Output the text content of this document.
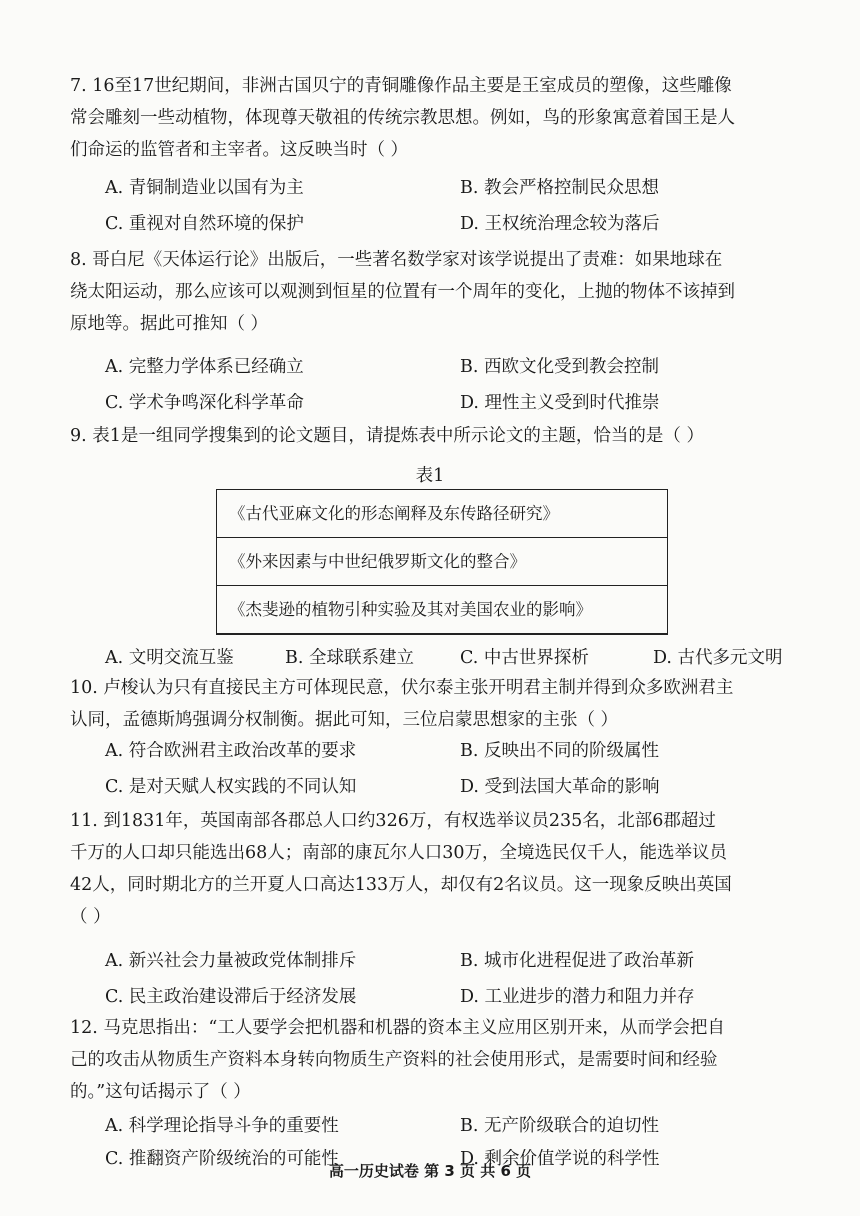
7. 16至17世纪期间，非洲古国贝宁的青铜雕像作品主要是王室成员的塑像，这些雕像

常会雕刻一些动植物，体现尊天敬祖的传统宗教思想。例如，鸟的形象寓意着国王是人

们命运的监管者和主宰者。这反映当时（ ）

A. 青铜制造业以国有为主	B. 教会严格控制民众思想
C. 重视对自然环境的保护	D. 王权统治理念较为落后

8. 哥白尼《天体运行论》出版后，一些著名数学家对该学说提出了责难：如果地球在

绕太阳运动，那么应该可以观测到恒星的位置有一个周年的变化，上抛的物体不该掉到

原地等。据此可推知（ ）

A. 完整力学体系已经确立	B. 西欧文化受到教会控制
C. 学术争鸣深化科学革命	D. 理性主义受到时代推崇

9. 表1是一组同学搜集到的论文题目，请提炼表中所示论文的主题，恰当的是（ ）

表1
《古代亚麻文化的形态阐释及东传路径研究》
《外来因素与中世纪俄罗斯文化的整合》
《杰斐逊的植物引种实验及其对美国农业的影响》
A. 文明交流互鉴	B. 全球联系建立	C. 中古世界探析	D. 古代多元文明

10. 卢梭认为只有直接民主方可体现民意，伏尔泰主张开明君主制并得到众多欧洲君主

认同，孟德斯鸠强调分权制衡。据此可知，三位启蒙思想家的主张（ ）

A. 符合欧洲君主政治改革的要求	B. 反映出不同的阶级属性
C. 是对天赋人权实践的不同认知	D. 受到法国大革命的影响

11. 到1831年，英国南部各郡总人口约326万，有权选举议员235名，北部6郡超过

千万的人口却只能选出68人；南部的康瓦尔人口30万，全境选民仅千人，能选举议员

42人，同时期北方的兰开夏人口高达133万人，却仅有2名议员。这一现象反映出英国

（ ）

A. 新兴社会力量被政党体制排斥	B. 城市化进程促进了政治革新
C. 民主政治建设滞后于经济发展	D. 工业进步的潜力和阻力并存

12. 马克思指出：“工人要学会把机器和机器的资本主义应用区别开来，从而学会把自

己的攻击从物质生产资料本身转向物质生产资料的社会使用形式，是需要时间和经验

的。”这句话揭示了（ ）

A. 科学理论指导斗争的重要性	B. 无产阶级联合的迫切性
C. 推翻资产阶级统治的可能性	D. 剩余价值学说的科学性
高一历史试卷 第 3 页 共 6 页
